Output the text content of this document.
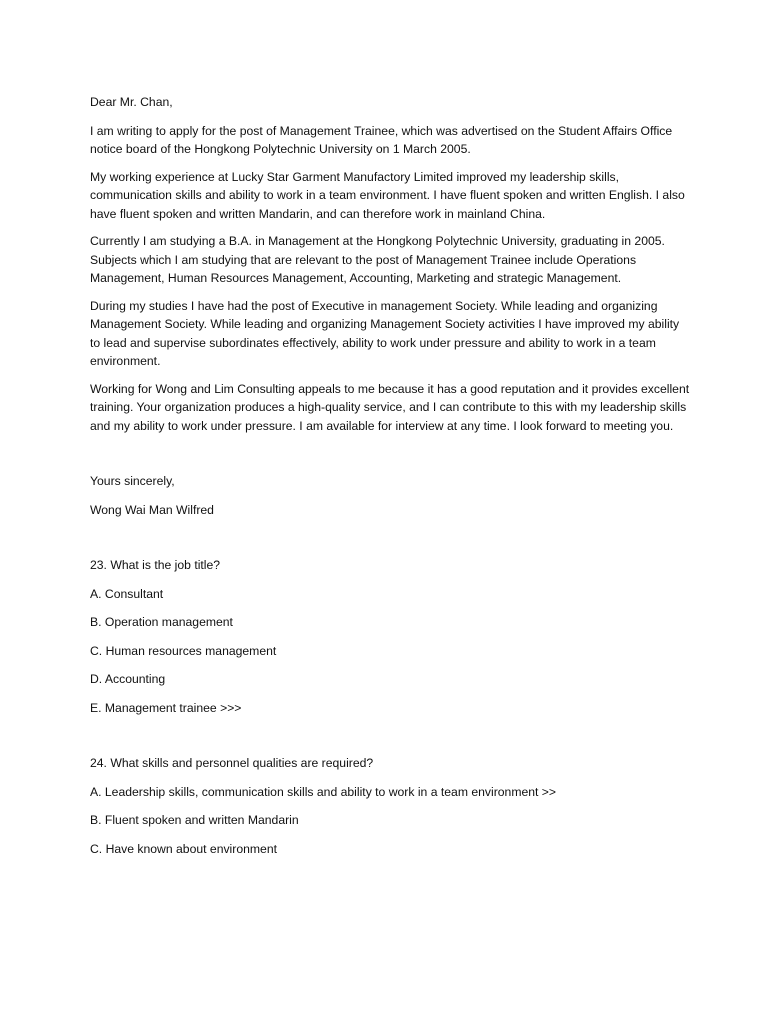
Dear Mr. Chan,

I am writing to apply for the post of Management Trainee, which was advertised on the Student Affairs Office notice board of the Hongkong Polytechnic University on 1 March 2005.

My working experience at Lucky Star Garment Manufactory Limited improved my leadership skills, communication skills and ability to work in a team environment. I have fluent spoken and written English. I also have fluent spoken and written Mandarin, and can therefore work in mainland China.

Currently I am studying a B.A. in Management at the Hongkong Polytechnic University, graduating in 2005. Subjects which I am studying that are relevant to the post of Management Trainee include Operations Management, Human Resources Management, Accounting, Marketing and strategic Management.

During my studies I have had the post of Executive in management Society. While leading and organizing Management Society. While leading and organizing Management Society activities I have improved my ability to lead and supervise subordinates effectively, ability to work under pressure and ability to work in a team environment.

Working for Wong and Lim Consulting appeals to me because it has a good reputation and it provides excellent training. Your organization produces a high-quality service, and I can contribute to this with my leadership skills and my ability to work under pressure. I am available for interview at any time. I look forward to meeting you.

Yours sincerely,

Wong Wai Man Wilfred

23. What is the job title?

A. Consultant

B. Operation management

C. Human resources management

D. Accounting

E. Management trainee >>>

24. What skills and personnel qualities are required?

A. Leadership skills, communication skills and ability to work in a team environment >>

B. Fluent spoken and written Mandarin

C. Have known about environment
